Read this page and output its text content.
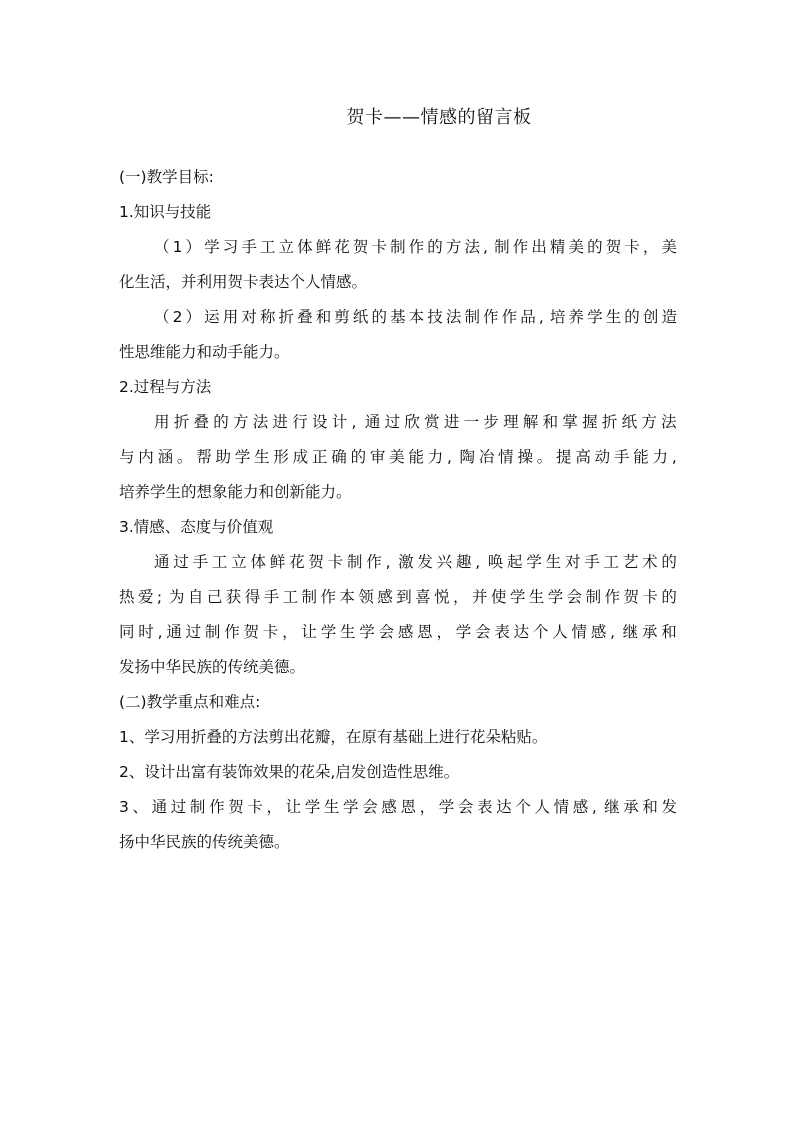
贺卡——情感的留言板
(一)教学目标:
1.知识与技能
（ 1 ） 学 习 手 工 立 体 鲜 花 贺 卡 制 作 的 方 法 , 制 作 出 精 美 的 贺 卡 ， 美
化生活，并利用贺卡表达个人情感。
（ 2 ） 运 用 对 称 折 叠 和 剪 纸 的 基 本 技 法 制 作 作 品 , 培 养 学 生 的 创 造
性思维能力和动手能力。
2.过程与方法
用 折 叠 的 方 法 进 行 设 计 , 通 过 欣 赏 进 一 步 理 解 和 掌 握 折 纸 方 法
与 内 涵 。 帮 助 学 生 形 成 正 确 的 审 美 能 力 , 陶 冶 情 操 。 提 高 动 手 能 力 ,
培养学生的想象能力和创新能力。
3.情感、态度与价值观
通 过 手 工 立 体 鲜 花 贺 卡 制 作 , 激 发 兴 趣 , 唤 起 学 生 对 手 工 艺 术 的
热 爱 ; 为 自 己 获 得 手 工 制 作 本 领 感 到 喜 悦 ， 并 使 学 生 学 会 制 作 贺 卡 的
同 时 , 通 过 制 作 贺 卡 ， 让 学 生 学 会 感 恩 ， 学 会 表 达 个 人 情 感 , 继 承 和
发扬中华民族的传统美德。
(二)教学重点和难点:
1、学习用折叠的方法剪出花瓣，在原有基础上进行花朵粘贴。
2、设计出富有装饰效果的花朵,启发创造性思维。
3 、 通 过 制 作 贺 卡 ， 让 学 生 学 会 感 恩 ， 学 会 表 达 个 人 情 感 , 继 承 和 发
扬中华民族的传统美德。
